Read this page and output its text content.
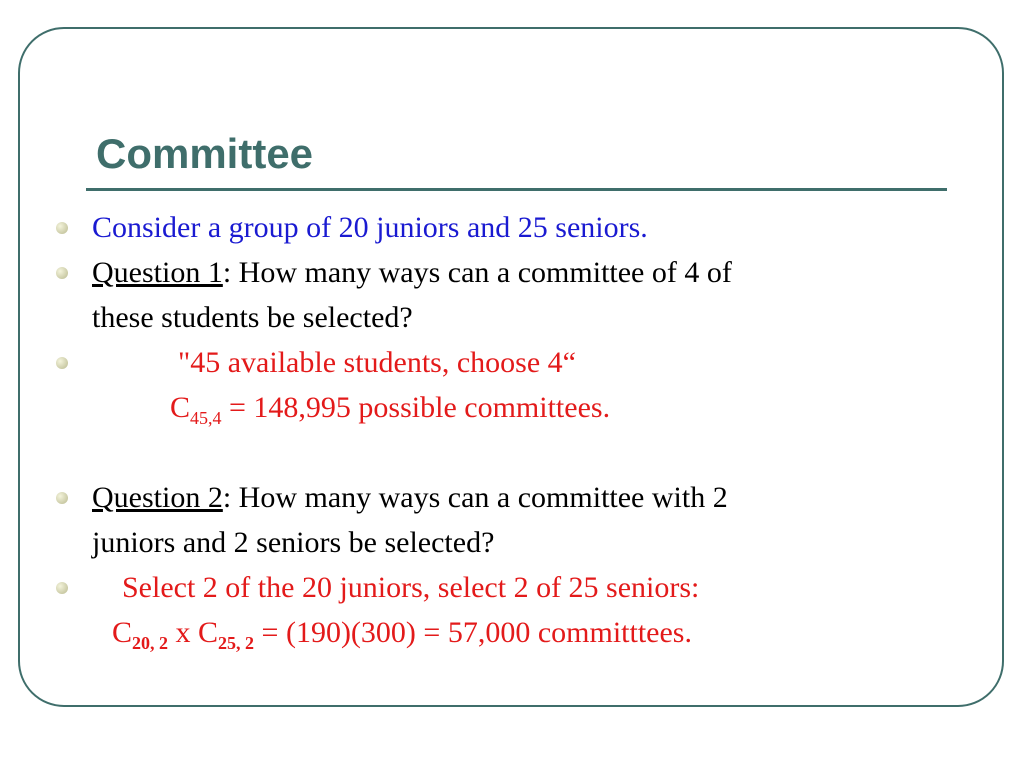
Committee
Consider a group of 20 juniors and 25 seniors.
Question 1: How many ways can a committee of 4 of
these students be selected?
"45 available students, choose 4“
$C_{45,4} = 148,995$ possible committees.
Question 2: How many ways can a committee with 2
juniors and 2 seniors be selected?
Select 2 of the 20 juniors, select 2 of 25 seniors:
$C_{20, 2}$ x $C_{25, 2} = (190)(300) = 57,000$ committtees.
